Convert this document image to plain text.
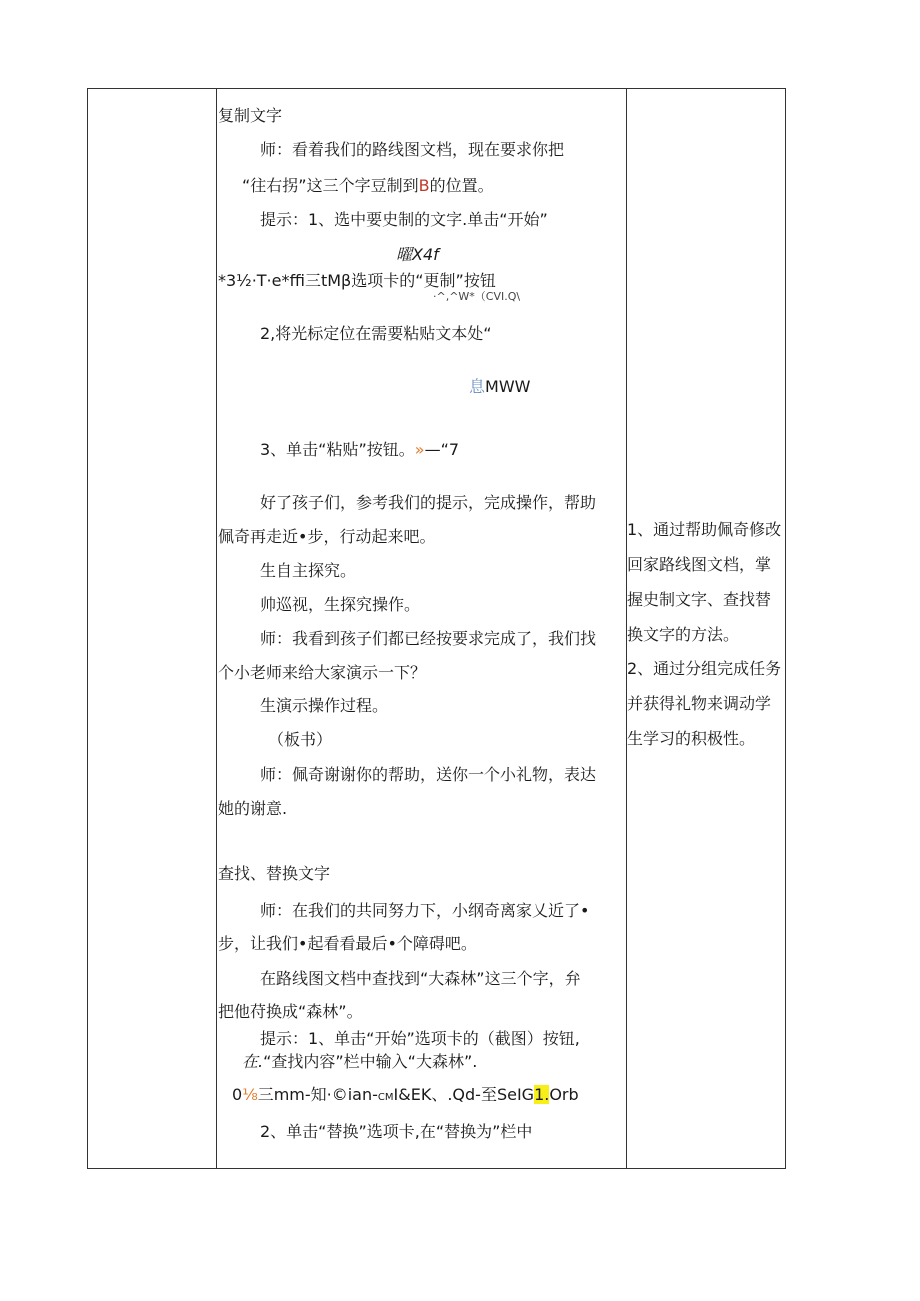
复制文字
师：看着我们的路线图文档，现在要求你把
“往右拐”这三个字豆制到B的位置。
提示：1、选中要史制的文字.单击“开始”
曜X4f
*3½·T·e*ffi三tMβ选项卡的“更制”按钮
·^,^W*（CVI.Q\
2,将光标定位在需要粘贴文本处“
息MWW
3、单击“粘贴”按钮。»—“7
好了孩子们，参考我们的提示，完成操作，帮助
佩奇再走近•步，行动起来吧。
生自主探究。
帅巡视，生探究操作。
师：我看到孩子们都已经按要求完成了，我们找
个小老师来给大家演示一下？
生演示操作过程。
（板书）
师：佩奇谢谢你的帮助，送你一个小礼物，表达
她的谢意.
查找、替换文字
师：在我们的共同努力下，小纲奇离家乂近了•
步，让我们•起看看最后•个障碍吧。
在路线图文档中查找到“大森林”这三个字，弁
把他苻换成“森林”。
提示：1、单击“开始”选项卡的（截图）按钮,
在.“查找内容”栏中输入“大森林”.
0⅛三mm-知·©ian-CMI&EK、.Qd-至SeIG1.Orb
2、单击“替换”选项卡,在“替换为”栏中
1、通过帮助佩奇修改
回家路线图文档，掌
握史制文字、查找替
换文字的方法。
2、通过分组完成任务
并获得礼物来调动学
生学习的积极性。
